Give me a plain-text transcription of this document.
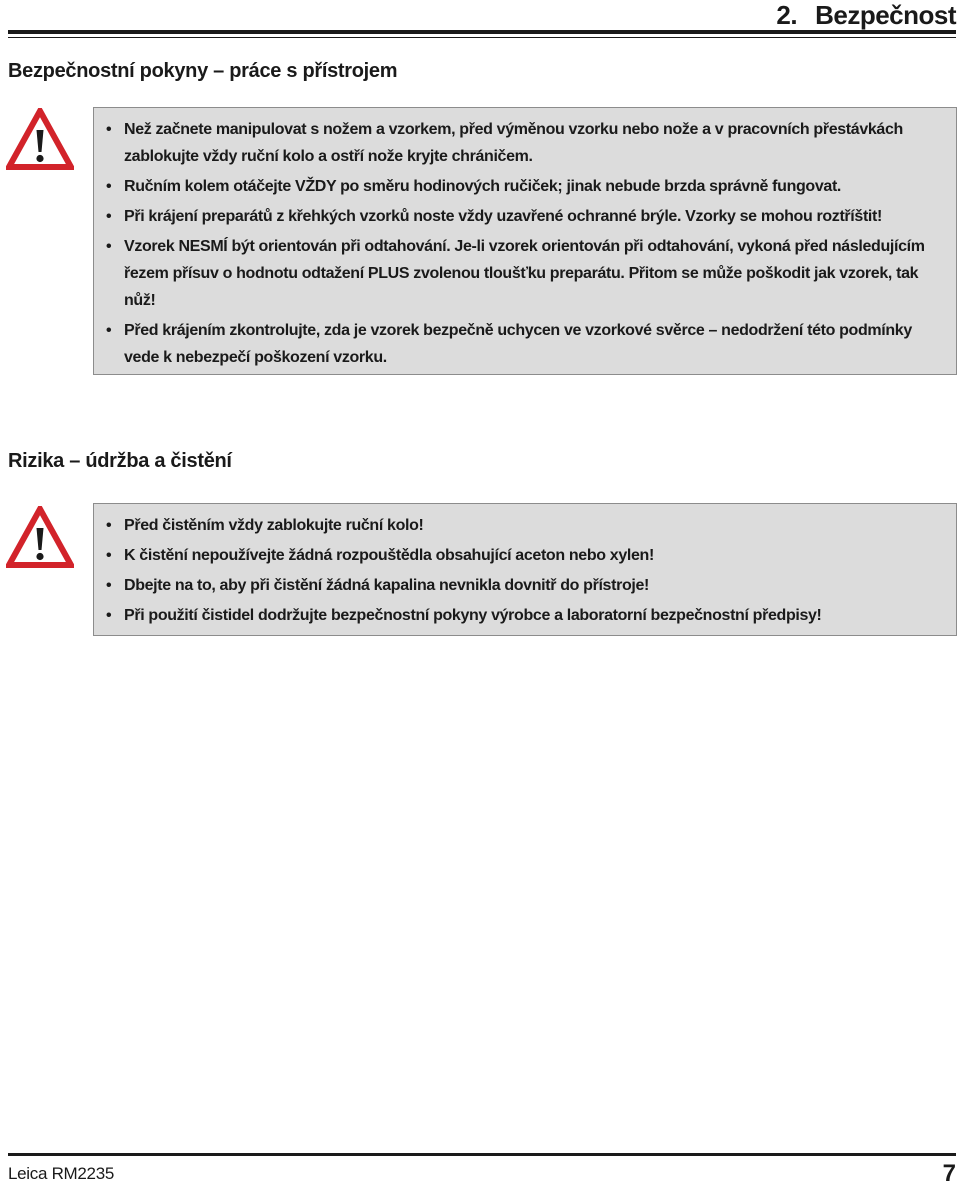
2. Bezpečnost
Bezpečnostní pokyny – práce s přístrojem
• Než začnete manipulovat s nožem a vzorkem, před výměnou vzorku nebo nože a v pracovních přestávkách zablokujte vždy ruční kolo a ostří nože kryjte chráničem.
• Ručním kolem otáčejte VŽDY po směru hodinových ručiček; jinak nebude brzda správně fungovat.
• Při krájení preparátů z křehkých vzorků noste vždy uzavřené ochranné brýle. Vzorky se mohou roztříštit!
• Vzorek NESMÍ být orientován při odtahování. Je-li vzorek orientován při odtahování, vykoná před následujícím řezem přísuv o hodnotu odtažení PLUS zvolenou tloušťku preparátu. Přitom se může poškodit jak vzorek, tak nůž!
• Před krájením zkontrolujte, zda je vzorek bezpečně uchycen ve vzorkové svěrce – nedodržení této podmínky vede k nebezpečí poškození vzorku.
Rizika – údržba a čistění
• Před čistěním vždy zablokujte ruční kolo!
• K čistění nepoužívejte žádná rozpouštědla obsahující aceton nebo xylen!
• Dbejte na to, aby při čistění žádná kapalina nevnikla dovnitř do přístroje!
• Při použití čistidel dodržujte bezpečnostní pokyny výrobce a laboratorní bezpečnostní předpisy!
Leica RM2235	7
